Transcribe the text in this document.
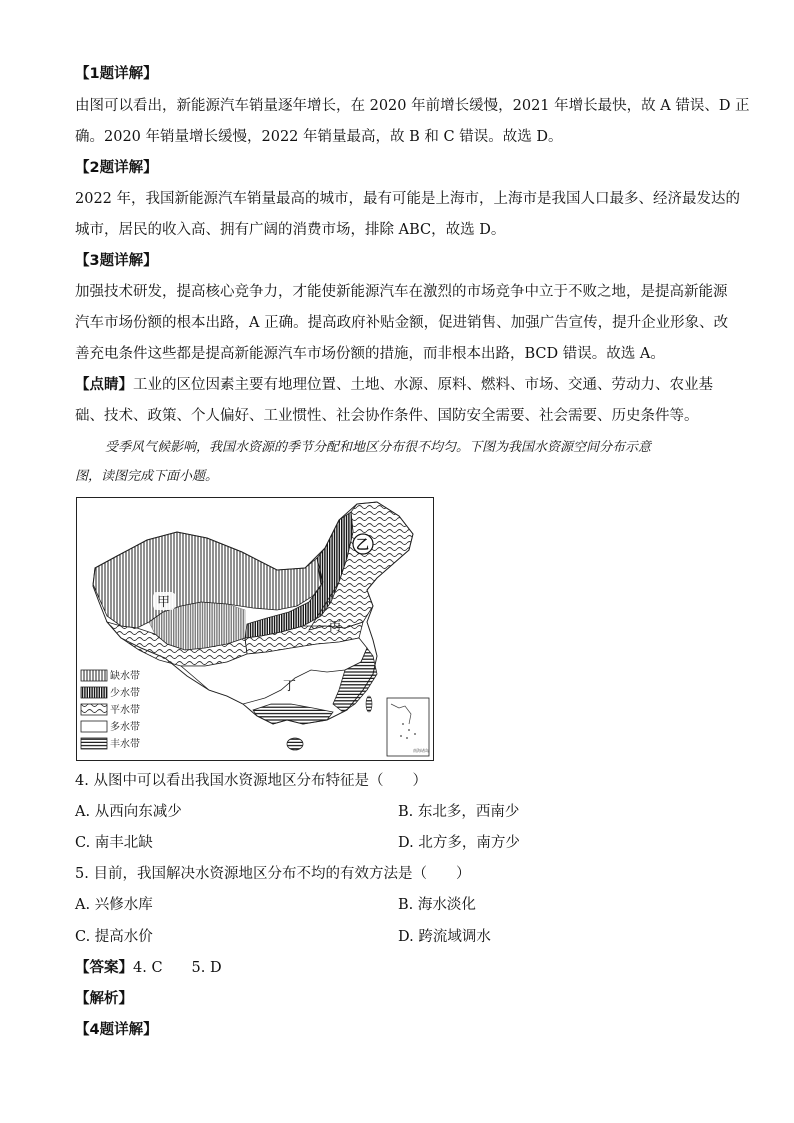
【1题详解】
由图可以看出，新能源汽车销量逐年增长，在 2020 年前增长缓慢，2021 年增长最快，故 A 错误、D 正
确。2020 年销量增长缓慢，2022 年销量最高，故 B 和 C 错误。故选 D。
【2题详解】
2022 年，我国新能源汽车销量最高的城市，最有可能是上海市，上海市是我国人口最多、经济最发达的
城市，居民的收入高、拥有广阔的消费市场，排除 ABC，故选 D。
【3题详解】
加强技术研发，提高核心竞争力，才能使新能源汽车在激烈的市场竞争中立于不败之地，是提高新能源
汽车市场份额的根本出路，A 正确。提高政府补贴金额，促进销售、加强广告宣传，提升企业形象、改
善充电条件这些都是提高新能源汽车市场份额的措施，而非根本出路，BCD 错误。故选 A。
【点睛】工业的区位因素主要有地理位置、土地、水源、原料、燃料、市场、交通、劳动力、农业基
础、技术、政策、个人偏好、工业惯性、社会协作条件、国防安全需要、社会需要、历史条件等。
受季风气候影响，我国水资源的季节分配和地区分布很不均匀。下图为我国水资源空间分布示意
图，读图完成下面小题。
甲
乙
丙
丁
缺水带
少水带
平水带
多水带
丰水带
南海诸岛
4. 从图中可以看出我国水资源地区分布特征是（　　）
A. 从西向东减少	B. 东北多，西南少
C. 南丰北缺	D. 北方多，南方少
5. 目前，我国解决水资源地区分布不均的有效方法是（　　）
A. 兴修水库	B. 海水淡化
C. 提高水价	D. 跨流域调水
【答案】4. C　　5. D
【解析】
【4题详解】
